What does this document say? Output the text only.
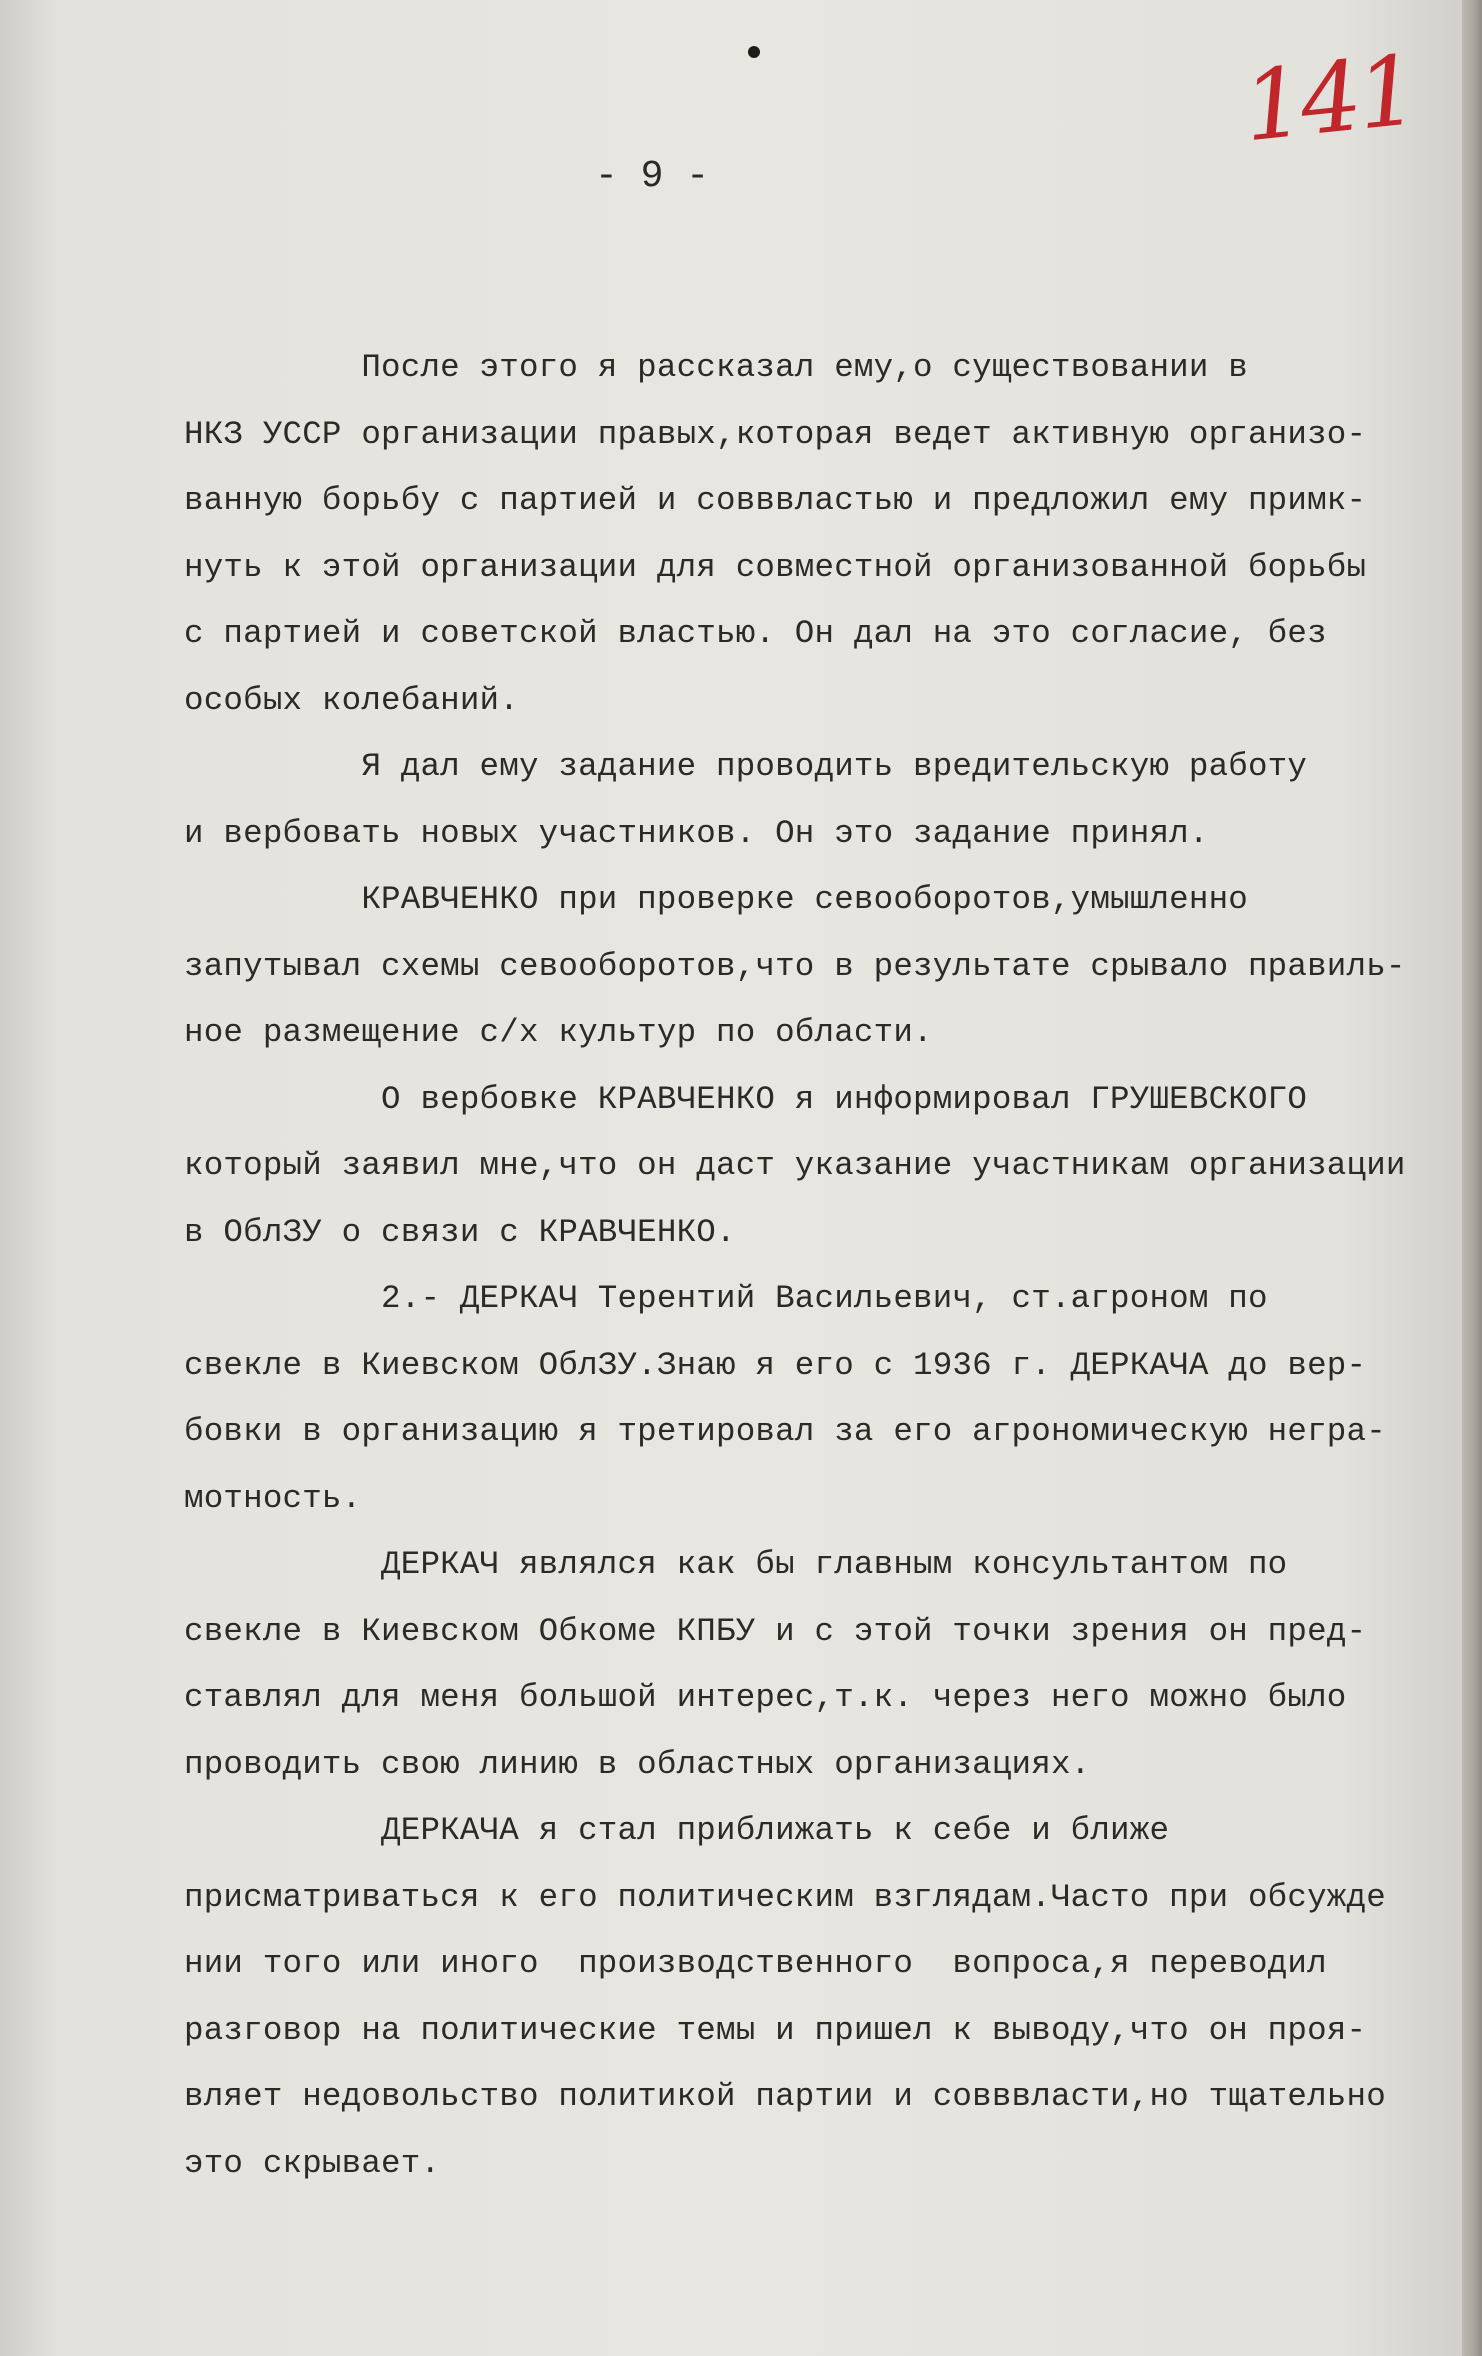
141
- 9 -
После этого я рассказал ему,о существовании в
НКЗ УССР организации правых,которая ведет активную организо-
ванную борьбу с партией и совввластью и предложил ему примк-
нуть к этой организации для совместной организованной борьбы
с партией и советской властью. Он дал на это согласие, без
особых колебаний.
Я дал ему задание проводить вредительскую работу
и вербовать новых участников. Он это задание принял.
КРАВЧЕНКО при проверке севооборотов,умышленно
запутывал схемы севооборотов,что в результате срывало правиль-
ное размещение с/х культур по области.
О вербовке КРАВЧЕНКО я информировал ГРУШЕВСКОГО
который заявил мне,что он даст указание участникам организации
в ОблЗУ о связи с КРАВЧЕНКО.
2.- ДЕРКАЧ Терентий Васильевич, ст.агроном по
свекле в Киевском ОблЗУ.Знаю я его с 1936 г. ДЕРКАЧА до вер-
бовки в организацию я третировал за его агрономическую негра-
мотность.
ДЕРКАЧ являлся как бы главным консультантом по
свекле в Киевском Обкоме КПБУ и с этой точки зрения он пред-
ставлял для меня большой интерес,т.к. через него можно было
проводить свою линию в областных организациях.
ДЕРКАЧА я стал приближать к себе и ближе
присматриваться к его политическим взглядам.Часто при обсужде
нии того или иного  производственного  вопроса,я переводил
разговор на политические темы и пришел к выводу,что он проя-
вляет недовольство политикой партии и совввласти,но тщательно
это скрывает.
